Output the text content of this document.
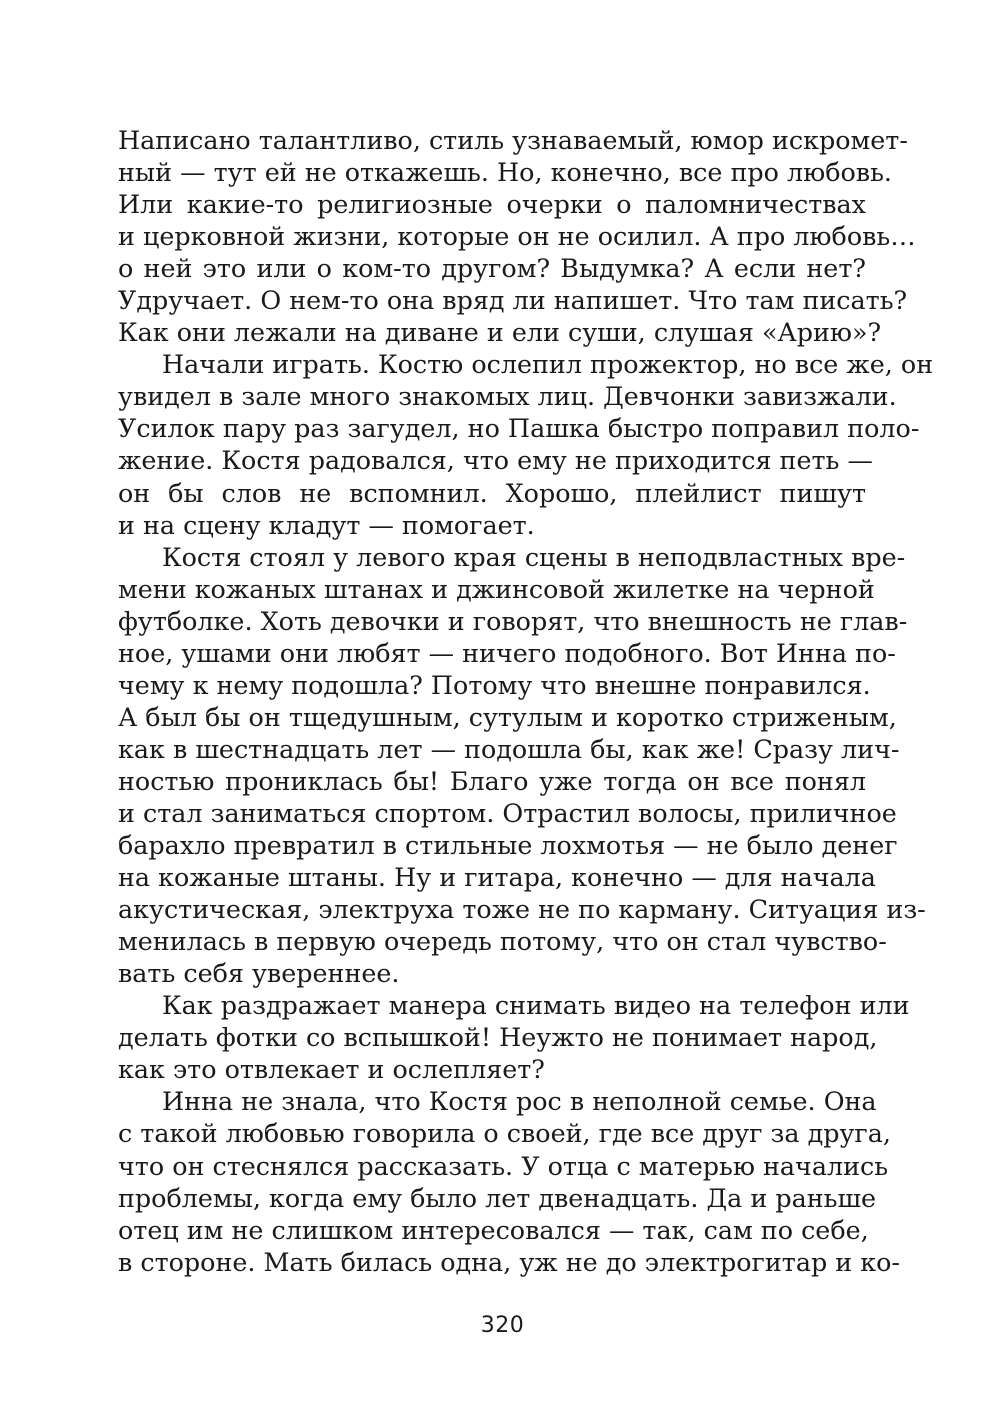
Написано талантливо, стиль узнаваемый, юмор искромет-
ный — тут ей не откажешь. Но, конечно, все про любовь.
Или какие-то религиозные очерки о паломничествах
и церковной жизни, которые он не осилил. А про любовь…
о ней это или о ком-то другом? Выдумка? А если нет?
Удручает. О нем-то она вряд ли напишет. Что там писать?
Как они лежали на диване и ели суши, слушая «Арию»?
Начали играть. Костю ослепил прожектор, но все же, он
увидел в зале много знакомых лиц. Девчонки завизжали.
Усилок пару раз загудел, но Пашка быстро поправил поло-
жение. Костя радовался, что ему не приходится петь —
он бы слов не вспомнил. Хорошо, плейлист пишут
и на сцену кладут — помогает.
Костя стоял у левого края сцены в неподвластных вре-
мени кожаных штанах и джинсовой жилетке на черной
футболке. Хоть девочки и говорят, что внешность не глав-
ное, ушами они любят — ничего подобного. Вот Инна по-
чему к нему подошла? Потому что внешне понравился.
А был бы он тщедушным, сутулым и коротко стриженым,
как в шестнадцать лет — подошла бы, как же! Сразу лич-
ностью прониклась бы! Благо уже тогда он все понял
и стал заниматься спортом. Отрастил волосы, приличное
барахло превратил в стильные лохмотья — не было денег
на кожаные штаны. Ну и гитара, конечно — для начала
акустическая, электруха тоже не по карману. Ситуация из-
менилась в первую очередь потому, что он стал чувство-
вать себя увереннее.
Как раздражает манера снимать видео на телефон или
делать фотки со вспышкой! Неужто не понимает народ,
как это отвлекает и ослепляет?
Инна не знала, что Костя рос в неполной семье. Она
с такой любовью говорила о своей, где все друг за друга,
что он стеснялся рассказать. У отца с матерью начались
проблемы, когда ему было лет двенадцать. Да и раньше
отец им не слишком интересовался — так, сам по себе,
в стороне. Мать билась одна, уж не до электрогитар и ко-
320
